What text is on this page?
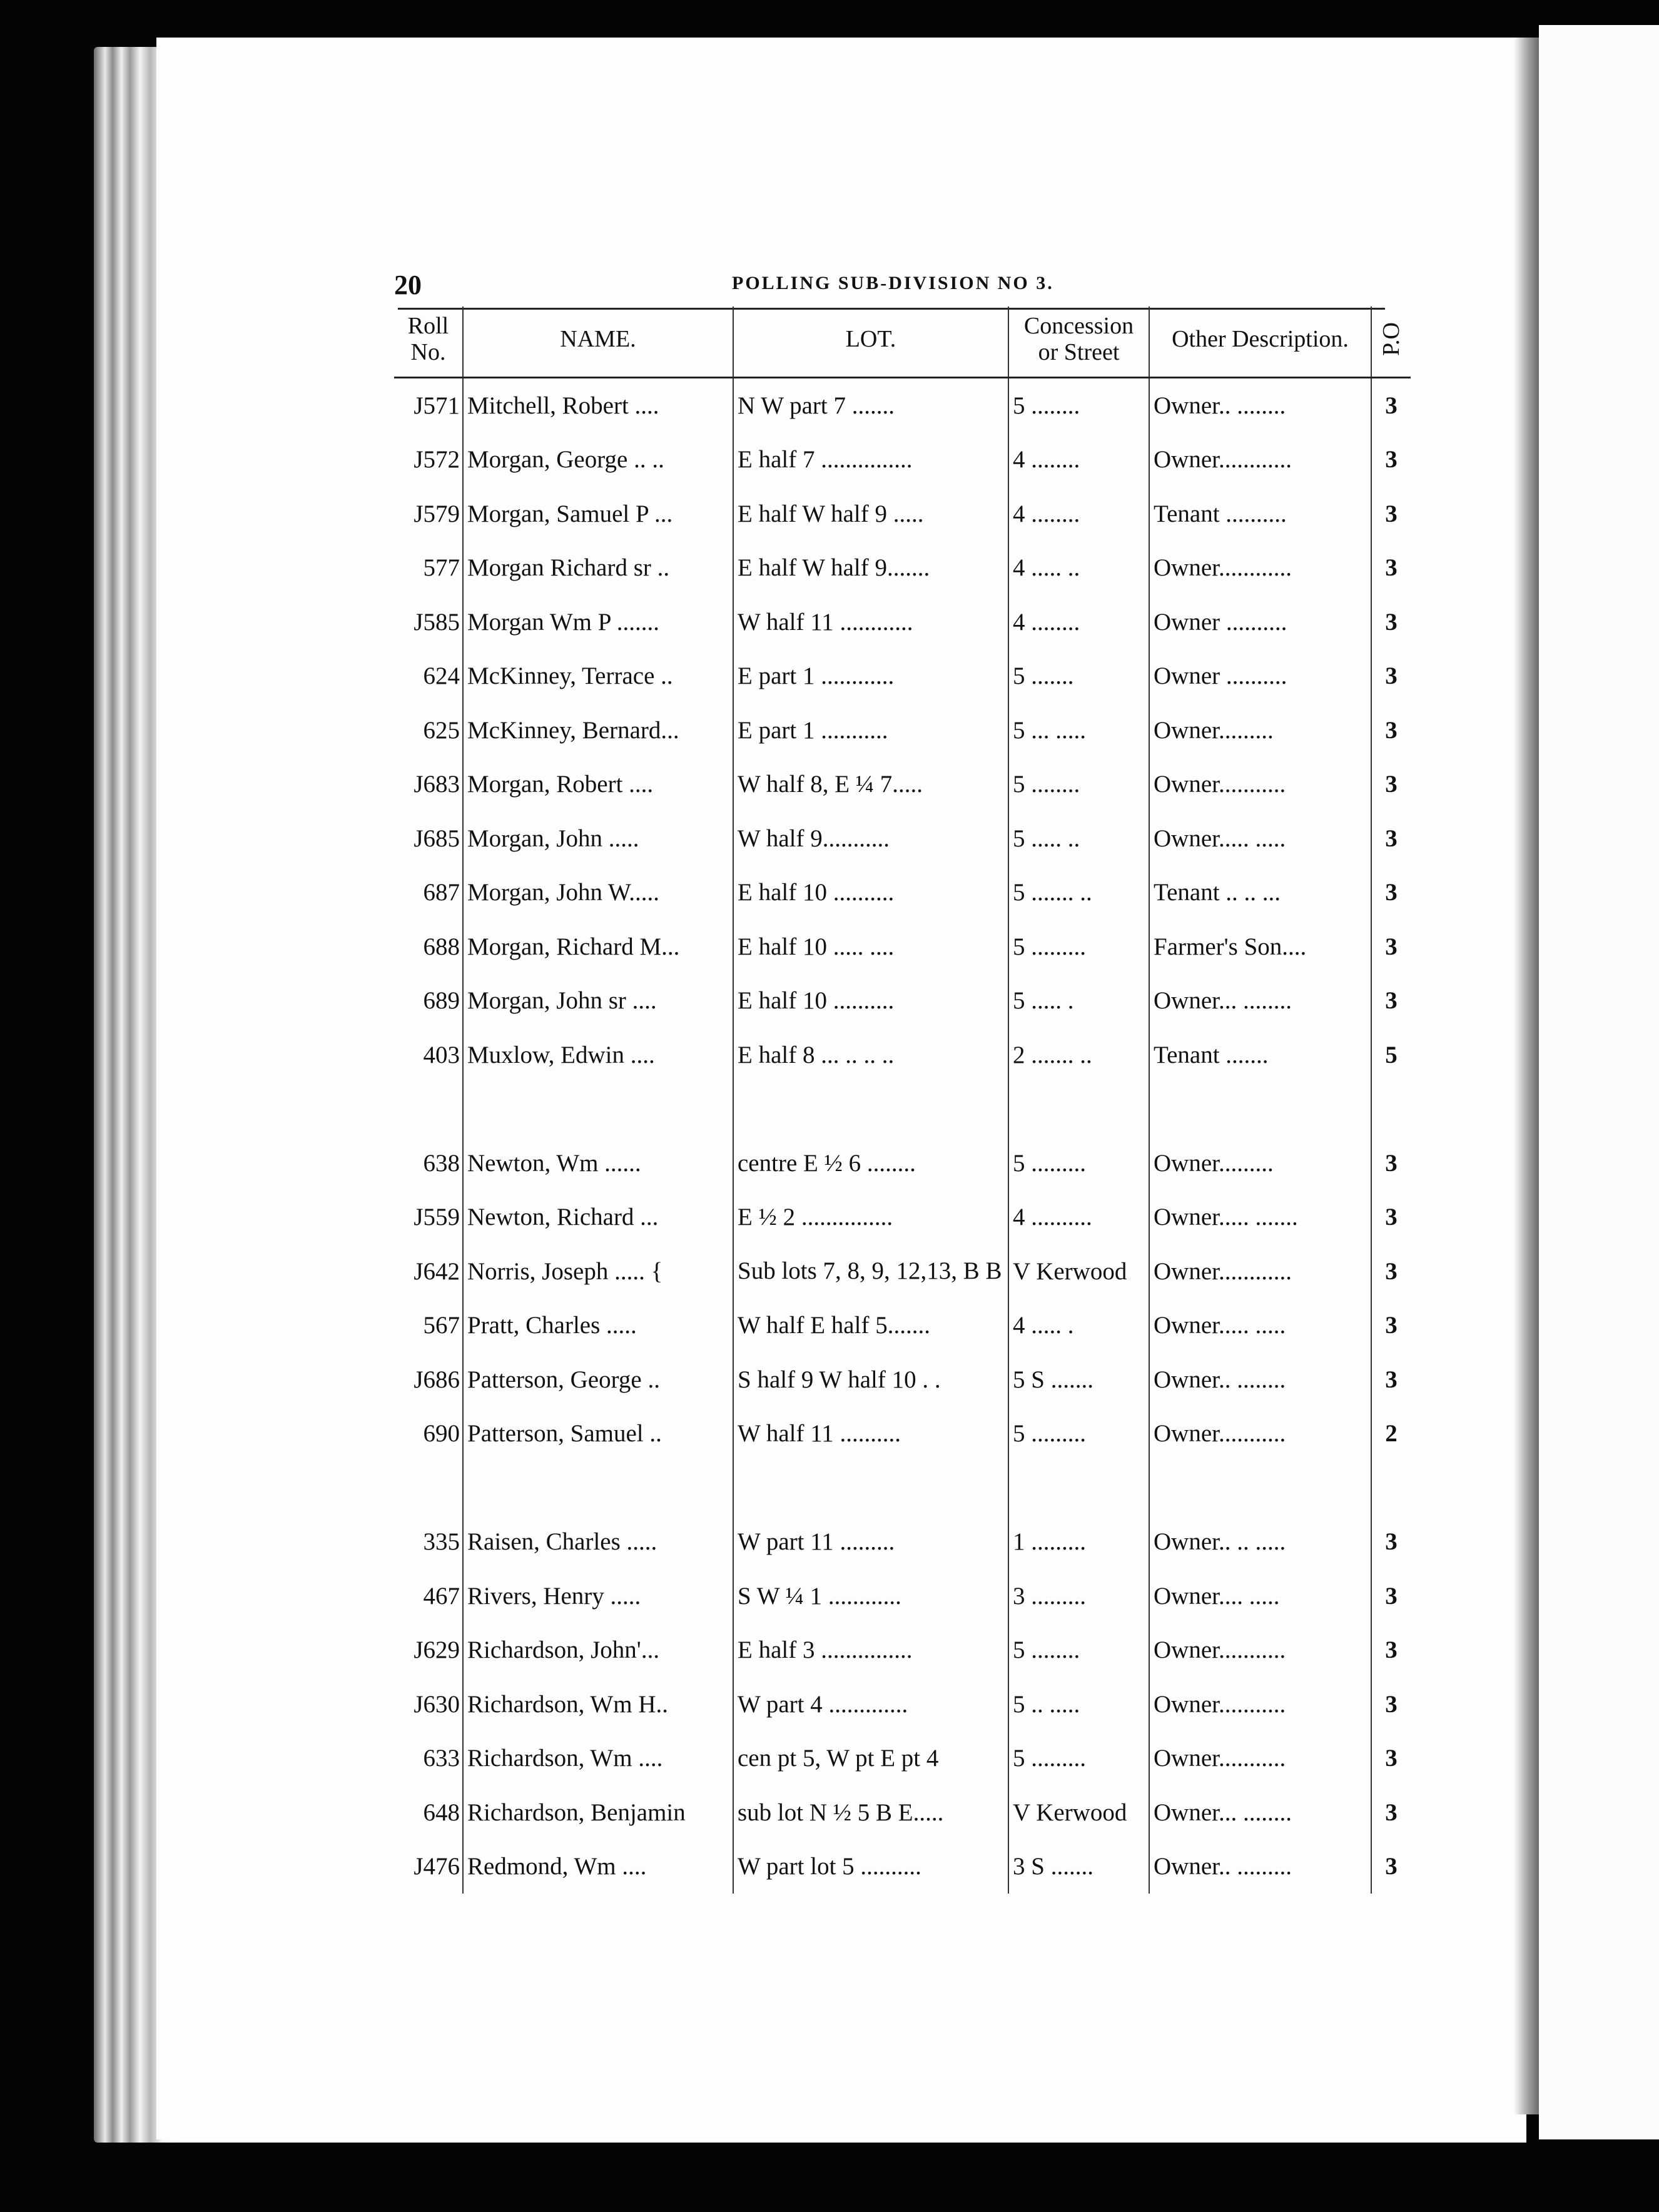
20	POLLING SUB-DIVISION NO 3.
Roll No.	NAME.	LOT.	Concession or Street	Other Description.	P.O
J571	Mitchell, Robert ....	N W part 7 .......	5 ........	Owner.. ........	3
J572	Morgan, George .. ..	E half 7 ...............	4 ........	Owner............	3
J579	Morgan, Samuel P ...	E half W half 9 .....	4 ........	Tenant ..........	3
577	Morgan Richard sr ..	E half W half 9.......	4 ..... ..	Owner............	3
J585	Morgan Wm P .......	W half 11 ............	4 ........	Owner ..........	3
624	McKinney, Terrace ..	E part 1 ............	5 .......	Owner ..........	3
625	McKinney, Bernard...	E part 1 ...........	5 ... .....	Owner.........	3
J683	Morgan, Robert ....	W half 8, E ¼ 7.....	5 ........	Owner...........	3
J685	Morgan, John .....	W half 9...........	5 ..... ..	Owner..... .....	3
687	Morgan, John W.....	E half 10 ..........	5 ....... ..	Tenant .. .. ...	3
688	Morgan, Richard M...	E half 10 ..... ....	5 .........	Farmer's Son....	3
689	Morgan, John sr ....	E half 10 ..........	5 ..... .	Owner... ........	3
403	Muxlow, Edwin ....	E half 8 ... .. .. ..	2 ....... ..	Tenant .......	5

638	Newton, Wm ......	centre E ½ 6 ........	5 .........	Owner.........	3
J559	Newton, Richard ...	E ½ 2 ...............	4 ..........	Owner..... .......	3
J642	Norris, Joseph ..... {	Sub lots 7, 8, 9, 12,13, B B	V Kerwood	Owner............	3
567	Pratt, Charles .....	W half E half 5.......	4 ..... .	Owner..... .....	3
J686	Patterson, George ..	S half 9 W half 10 . .	5 S .......	Owner.. ........	3
690	Patterson, Samuel ..	W half 11 ..........	5 .........	Owner...........	2

335	Raisen, Charles .....	W part 11 .........	1 .........	Owner.. .. .....	3
467	Rivers, Henry .....	S W ¼ 1 ............	3 .........	Owner.... .....	3
J629	Richardson, John'...	E half 3 ...............	5 ........	Owner...........	3
J630	Richardson, Wm H..	W part 4 .............	5 .. .....	Owner...........	3
633	Richardson, Wm ....	cen pt 5, W pt E pt 4	5 .........	Owner...........	3
648	Richardson, Benjamin	sub lot N ½ 5 B E.....	V Kerwood	Owner... ........	3
J476	Redmond, Wm ....	W part lot 5 ..........	3 S .......	Owner.. .........	3
